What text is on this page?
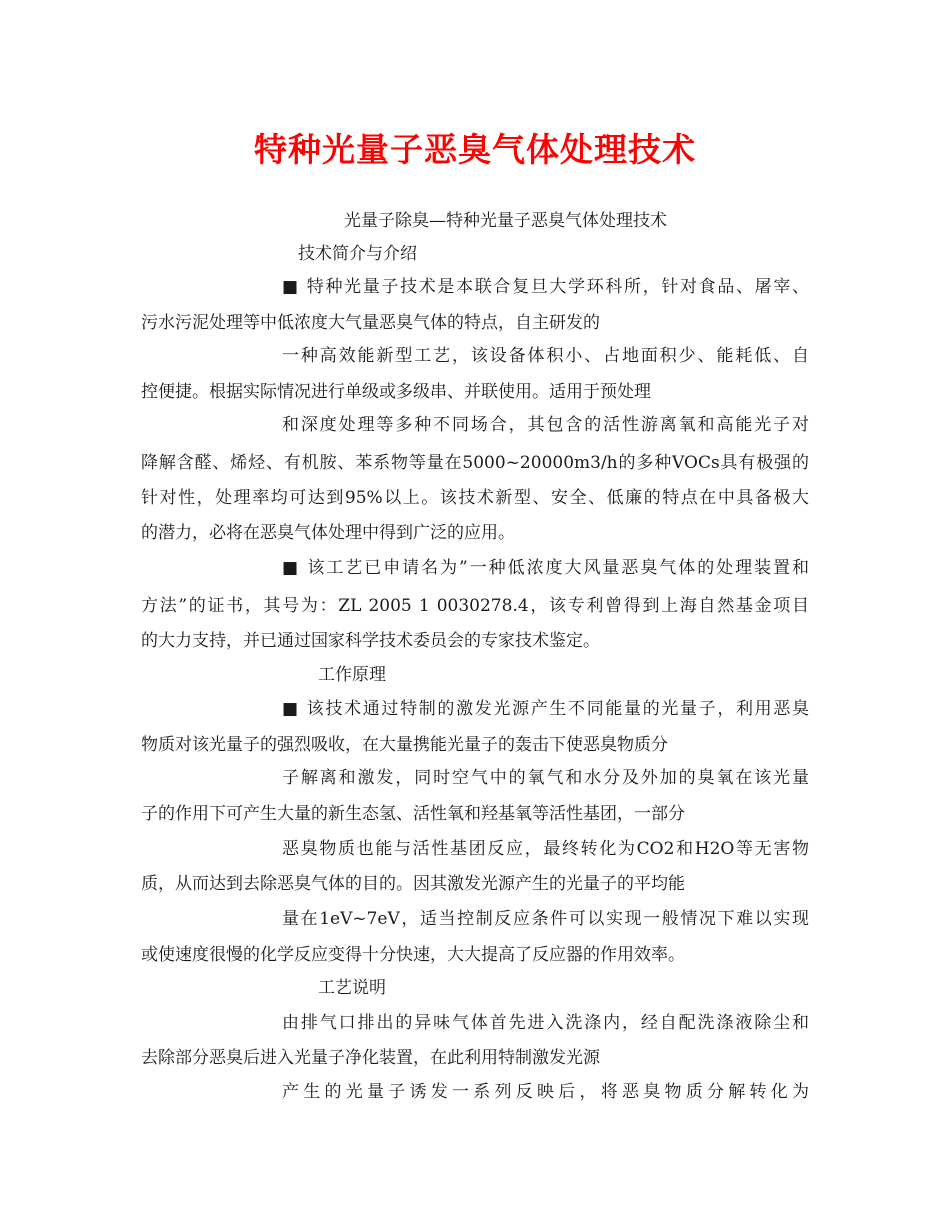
特种光量子恶臭气体处理技术
光量子除臭—特种光量子恶臭气体处理技术
技术简介与介绍
■ 特种光量子技术是本联合复旦大学环科所，针对食品、屠宰、
污水污泥处理等中低浓度大气量恶臭气体的特点，自主研发的
一种高效能新型工艺，该设备体积小、占地面积少、能耗低、自
控便捷。根据实际情况进行单级或多级串、并联使用。适用于预处理
和深度处理等多种不同场合，其包含的活性游离氧和高能光子对
降解含醛、烯烃、有机胺、苯系物等量在5000~20000m3/h的多种VOCs具有极强的
针对性，处理率均可达到95%以上。该技术新型、安全、低廉的特点在中具备极大
的潜力，必将在恶臭气体处理中得到广泛的应用。
■ 该工艺已申请名为”一种低浓度大风量恶臭气体的处理装置和
方法”的证书，其号为：ZL 2005 1 0030278.4，该专利曾得到上海自然基金项目
的大力支持，并已通过国家科学技术委员会的专家技术鉴定。
工作原理
■ 该技术通过特制的激发光源产生不同能量的光量子，利用恶臭
物质对该光量子的强烈吸收，在大量携能光量子的轰击下使恶臭物质分
子解离和激发，同时空气中的氧气和水分及外加的臭氧在该光量
子的作用下可产生大量的新生态氢、活性氧和羟基氧等活性基团，一部分
恶臭物质也能与活性基团反应，最终转化为CO2和H2O等无害物
质，从而达到去除恶臭气体的目的。因其激发光源产生的光量子的平均能
量在1eV~7eV，适当控制反应条件可以实现一般情况下难以实现
或使速度很慢的化学反应变得十分快速，大大提高了反应器的作用效率。
工艺说明
由排气口排出的异味气体首先进入洗涤内，经自配洗涤液除尘和
去除部分恶臭后进入光量子净化装置，在此利用特制激发光源
产生的光量子诱发一系列反映后，将恶臭物质分解转化为
